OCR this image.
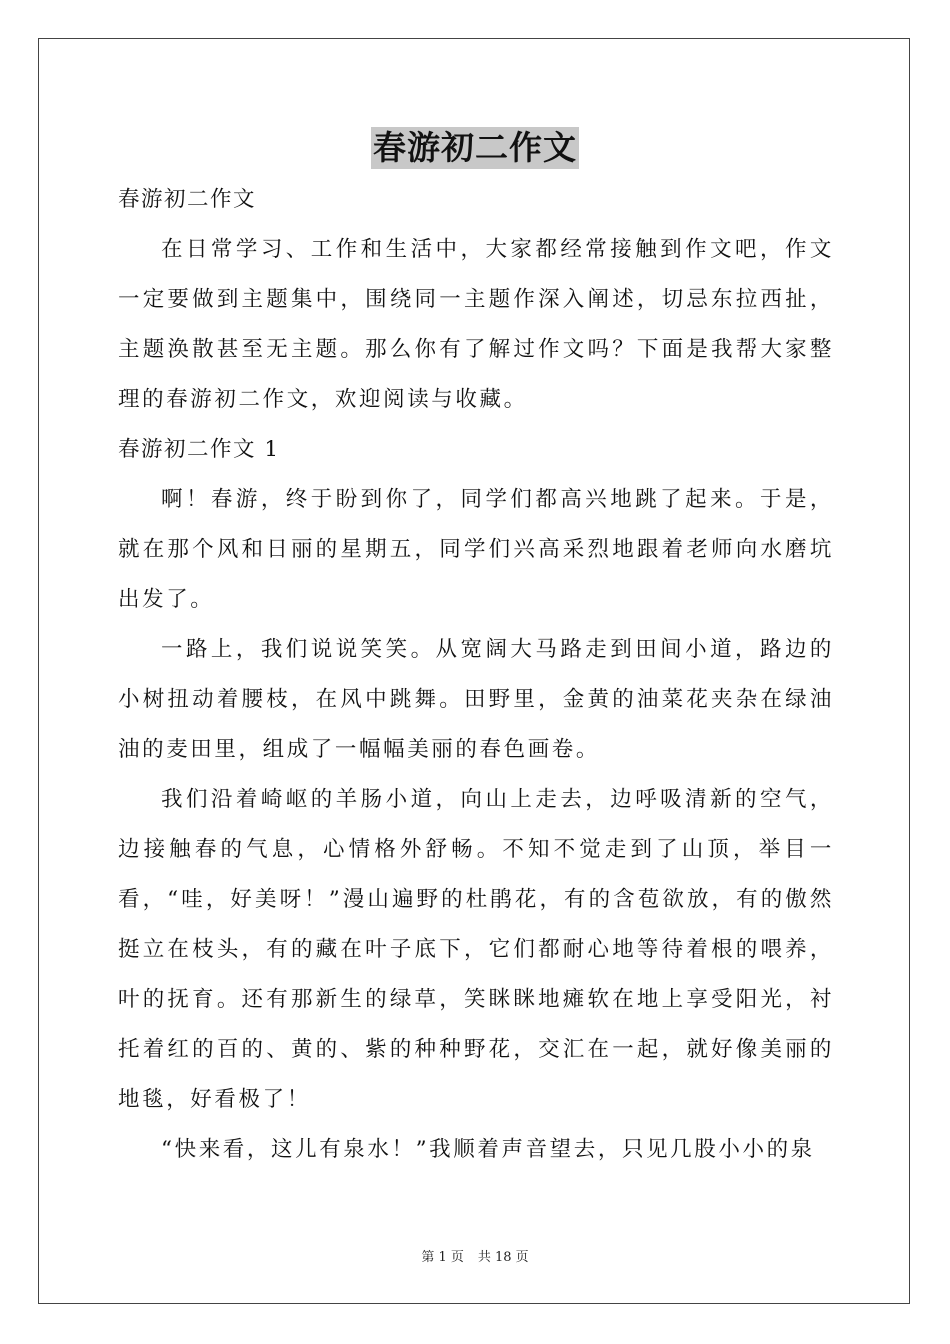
春游初二作文

春游初二作文

在日常学习、工作和生活中，大家都经常接触到作文吧，作文一定要做到主题集中，围绕同一主题作深入阐述，切忌东拉西扯，主题涣散甚至无主题。那么你有了解过作文吗？下面是我帮大家整理的春游初二作文，欢迎阅读与收藏。

春游初二作文 1

啊！春游，终于盼到你了，同学们都高兴地跳了起来。于是，就在那个风和日丽的星期五，同学们兴高采烈地跟着老师向水磨坑出发了。

一路上，我们说说笑笑。从宽阔大马路走到田间小道，路边的小树扭动着腰枝，在风中跳舞。田野里，金黄的油菜花夹杂在绿油油的麦田里，组成了一幅幅美丽的春色画卷。

我们沿着崎岖的羊肠小道，向山上走去，边呼吸清新的空气，边接触春的气息，心情格外舒畅。不知不觉走到了山顶，举目一看，“哇，好美呀！”漫山遍野的杜鹃花，有的含苞欲放，有的傲然挺立在枝头，有的藏在叶子底下，它们都耐心地等待着根的喂养，叶的抚育。还有那新生的绿草，笑眯眯地瘫软在地上享受阳光，衬托着红的百的、黄的、紫的种种野花，交汇在一起，就好像美丽的地毯，好看极了！

“快来看，这儿有泉水！”我顺着声音望去，只见几股小小的泉

第 1 页 共 18 页
